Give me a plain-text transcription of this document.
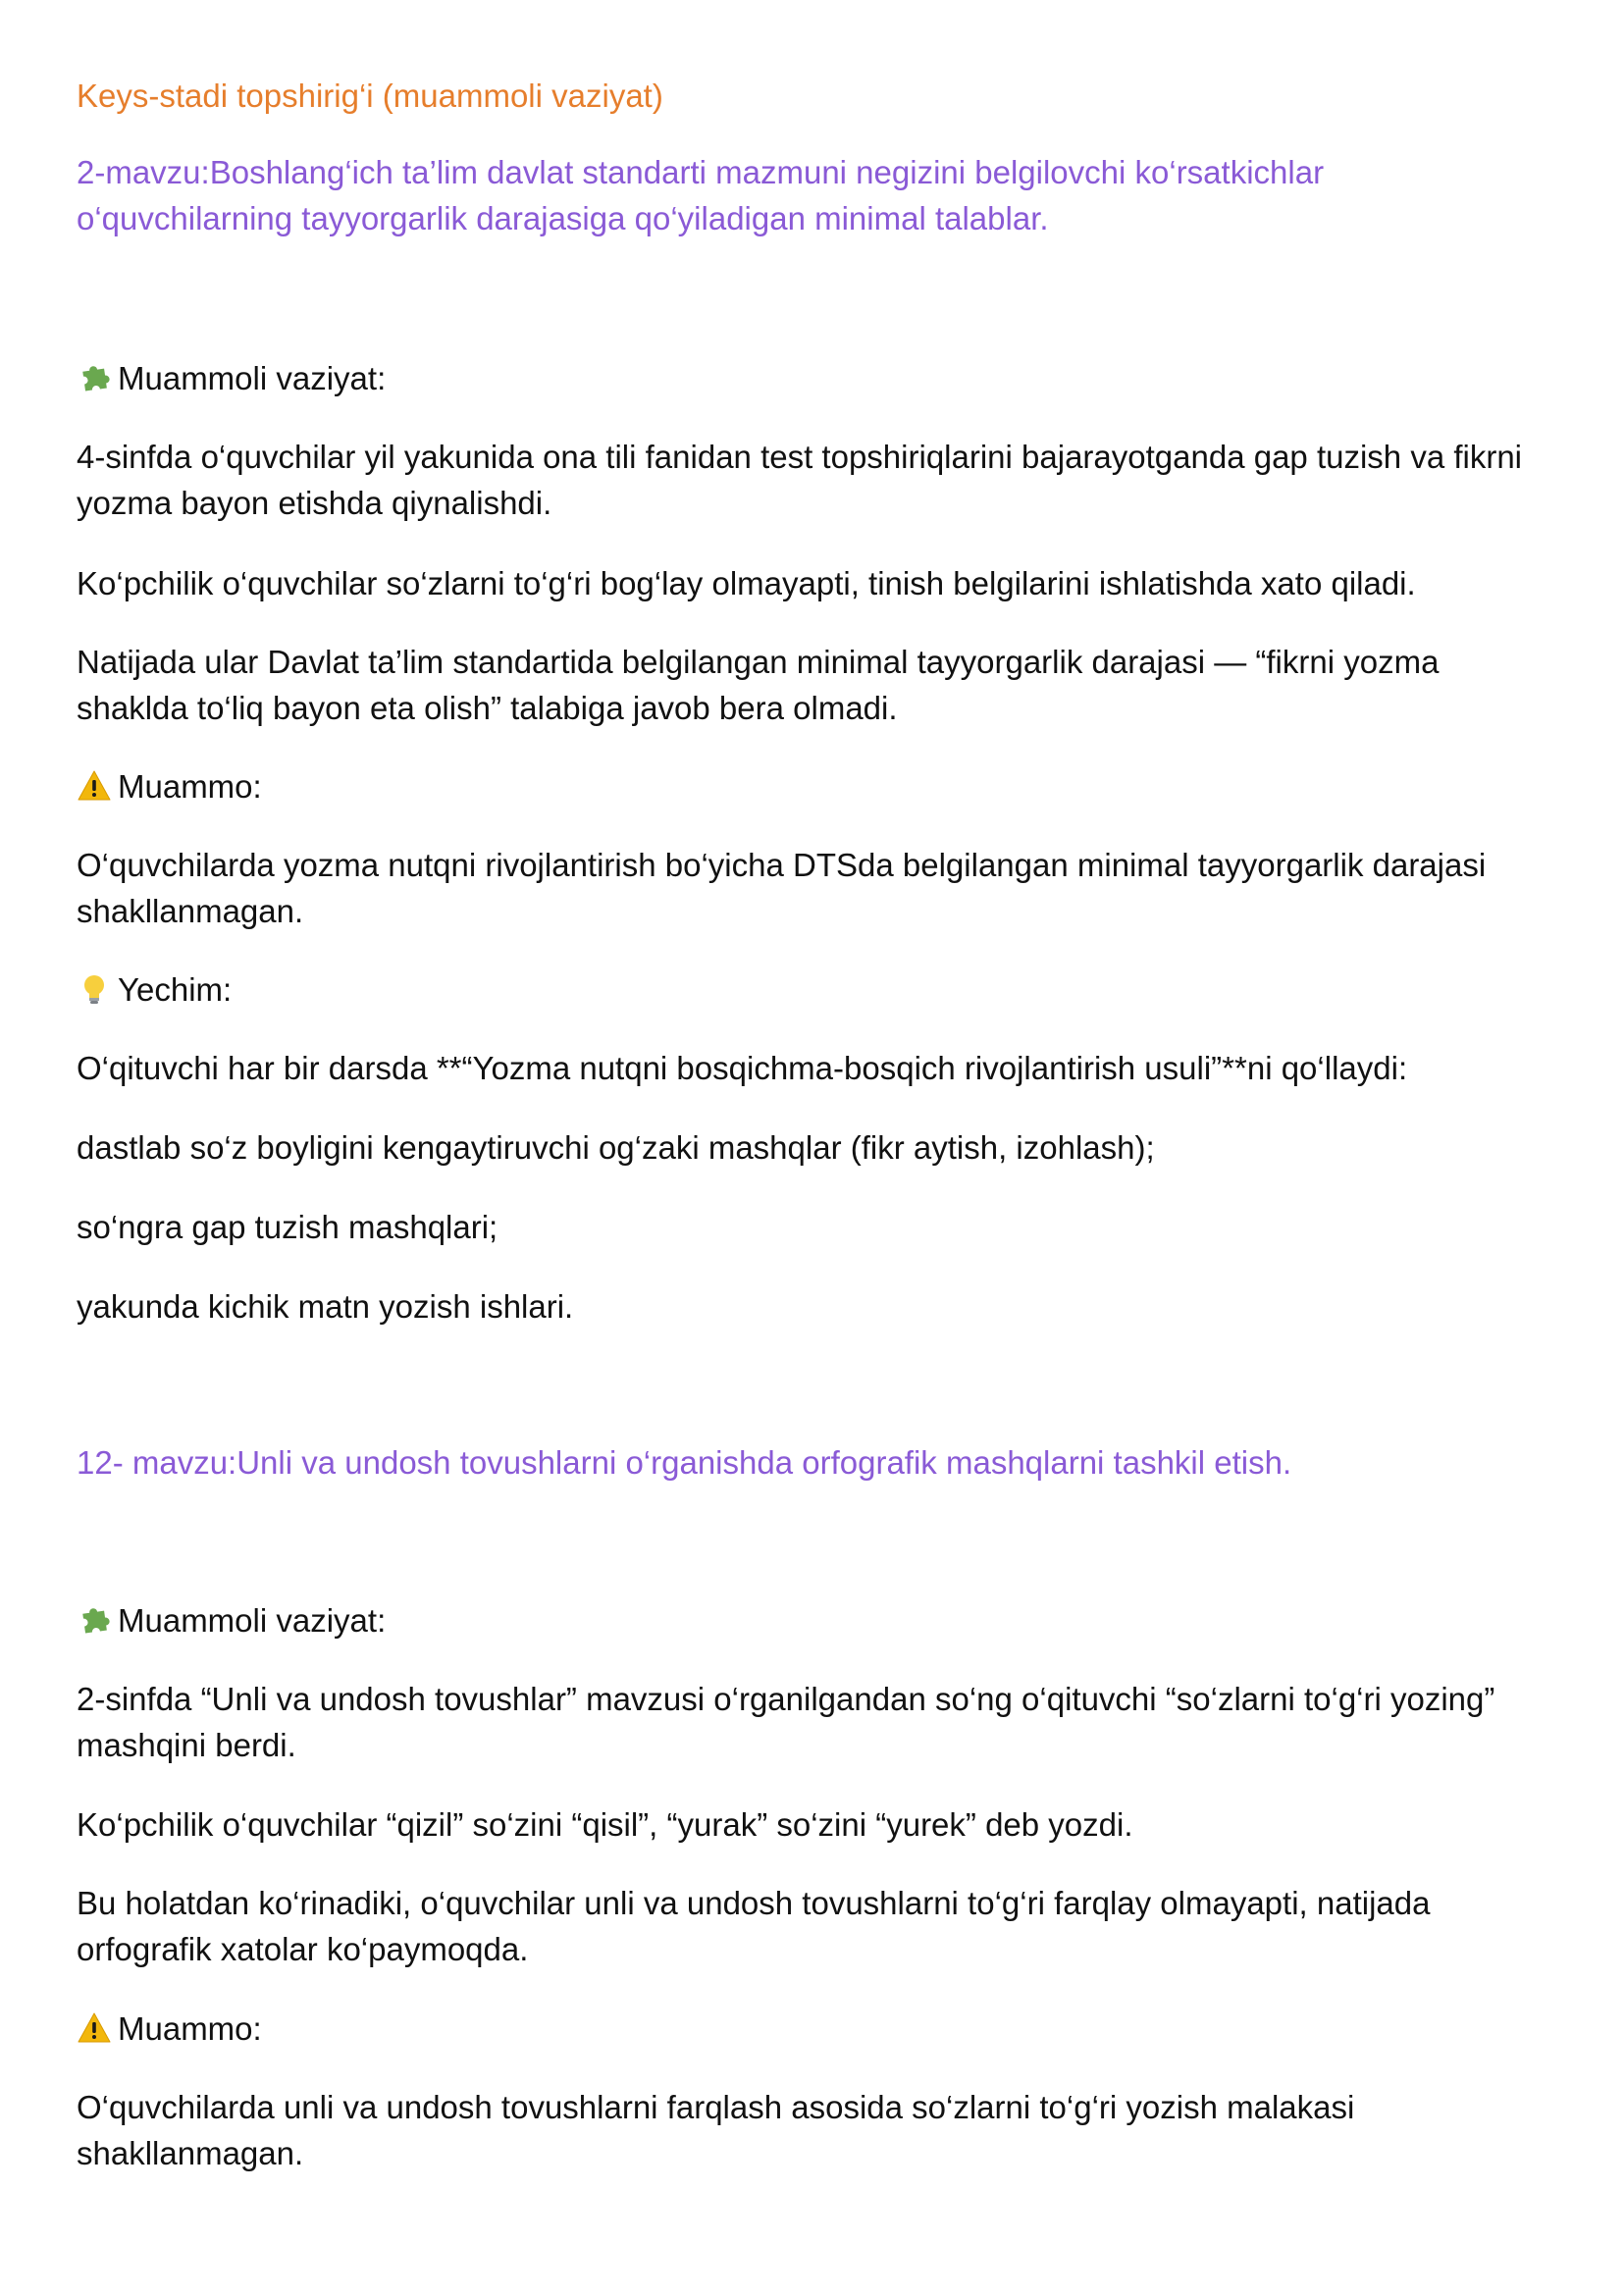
Keys-stadi topshirig‘i (muammoli vaziyat)

2-mavzu:Boshlang‘ich ta’lim davlat standarti mazmuni negizini belgilovchi ko‘rsatkichlar
o‘quvchilarning tayyorgarlik darajasiga qo‘yiladigan minimal talablar.

Muammoli vaziyat:

4-sinfda o‘quvchilar yil yakunida ona tili fanidan test topshiriqlarini bajarayotganda gap tuzish va fikrni
yozma bayon etishda qiynalishdi.

Ko‘pchilik o‘quvchilar so‘zlarni to‘g‘ri bog‘lay olmayapti, tinish belgilarini ishlatishda xato qiladi.

Natijada ular Davlat ta’lim standartida belgilangan minimal tayyorgarlik darajasi — “fikrni yozma
shaklda to‘liq bayon eta olish” talabiga javob bera olmadi.

Muammo:

O‘quvchilarda yozma nutqni rivojlantirish bo‘yicha DTSda belgilangan minimal tayyorgarlik darajasi
shakllanmagan.

Yechim:

O‘qituvchi har bir darsda **“Yozma nutqni bosqichma-bosqich rivojlantirish usuli”**ni qo‘llaydi:

dastlab so‘z boyligini kengaytiruvchi og‘zaki mashqlar (fikr aytish, izohlash);

so‘ngra gap tuzish mashqlari;

yakunda kichik matn yozish ishlari.

12- mavzu:Unli va undosh tovushlarni o‘rganishda orfografik mashqlarni tashkil etish.

Muammoli vaziyat:

2-sinfda “Unli va undosh tovushlar” mavzusi o‘rganilgandan so‘ng o‘qituvchi “so‘zlarni to‘g‘ri yozing”
mashqini berdi.

Ko‘pchilik o‘quvchilar “qizil” so‘zini “qisil”, “yurak” so‘zini “yurek” deb yozdi.

Bu holatdan ko‘rinadiki, o‘quvchilar unli va undosh tovushlarni to‘g‘ri farqlay olmayapti, natijada
orfografik xatolar ko‘paymoqda.

Muammo:

O‘quvchilarda unli va undosh tovushlarni farqlash asosida so‘zlarni to‘g‘ri yozish malakasi
shakllanmagan.
